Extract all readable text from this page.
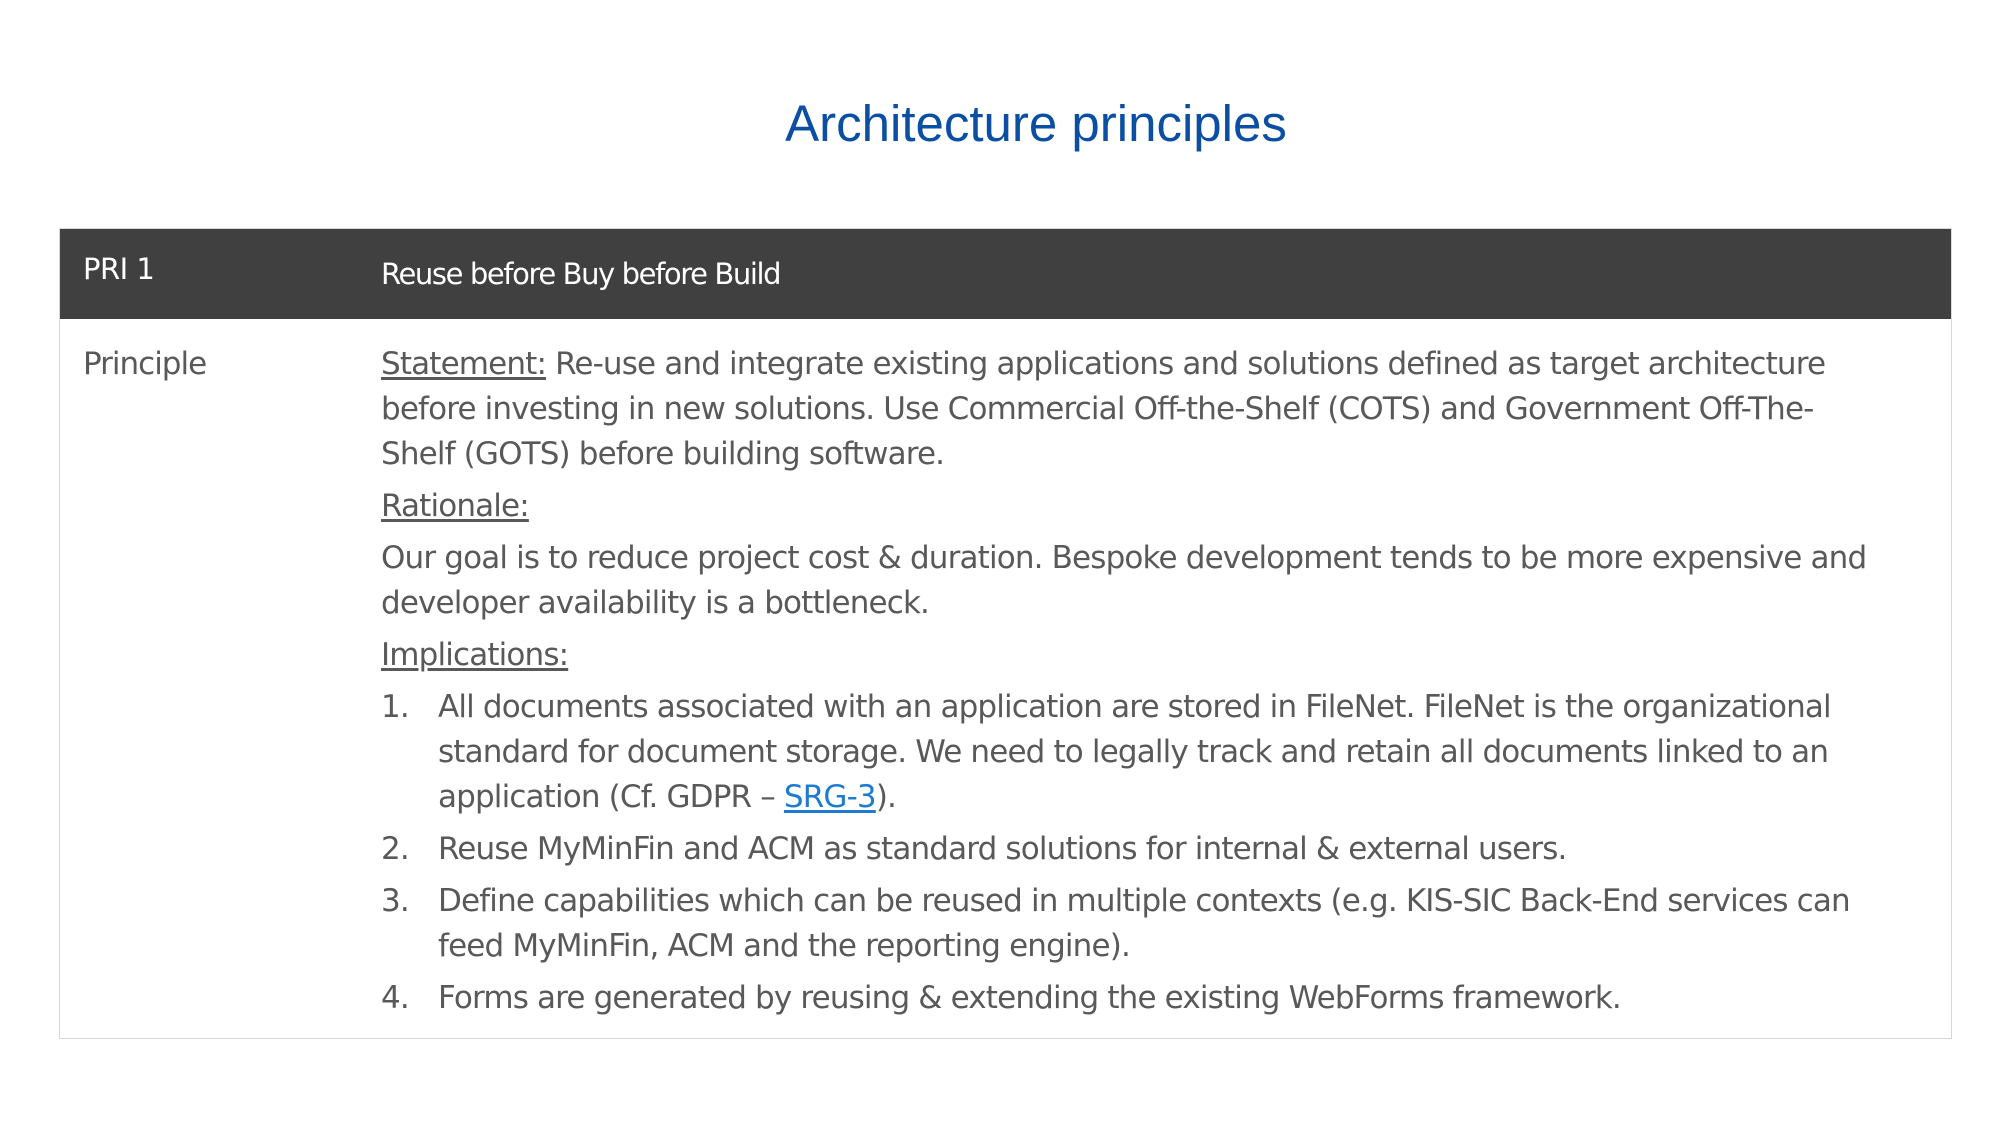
Architecture principles
PRI 1	Reuse before Buy before Build
Principle	Statement: Re-use and integrate existing applications and solutions defined as target architecture
before investing in new solutions. Use Commercial Off-the-Shelf (COTS) and Government Off-The-
Shelf (GOTS) before building software.
Rationale:
Our goal is to reduce project cost & duration. Bespoke development tends to be more expensive and
developer availability is a bottleneck.
Implications:
1. All documents associated with an application are stored in FileNet. FileNet is the organizational
standard for document storage. We need to legally track and retain all documents linked to an
application (Cf. GDPR – SRG-3).
2. Reuse MyMinFin and ACM as standard solutions for internal & external users.
3. Define capabilities which can be reused in multiple contexts (e.g. KIS-SIC Back-End services can
feed MyMinFin, ACM and the reporting engine).
4. Forms are generated by reusing & extending the existing WebForms framework.
